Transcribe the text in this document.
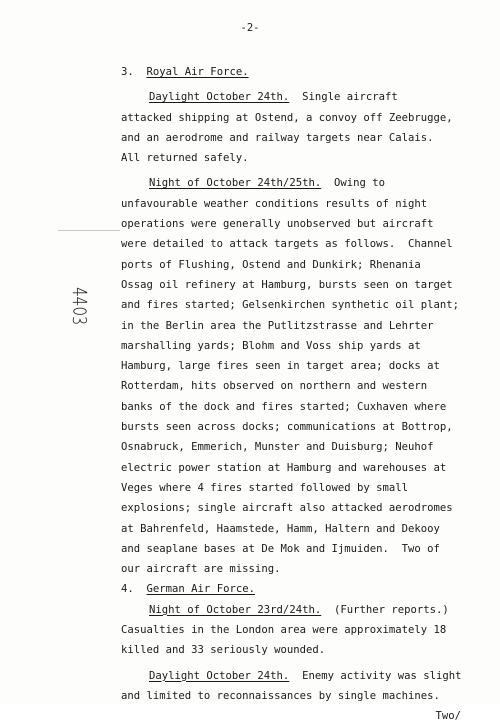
-2-
3. Royal Air Force.
Daylight October 24th.  Single aircraft
attacked shipping at Ostend, a convoy off Zeebrugge,
and an aerodrome and railway targets near Calais.
All returned safely.
Night of October 24th/25th.  Owing to
unfavourable weather conditions results of night
operations were generally unobserved but aircraft
were detailed to attack targets as follows.  Channel
ports of Flushing, Ostend and Dunkirk; Rhenania
Ossag oil refinery at Hamburg, bursts seen on target
and fires started; Gelsenkirchen synthetic oil plant;
in the Berlin area the Putlitzstrasse and Lehrter
marshalling yards; Blohm and Voss ship yards at
Hamburg, large fires seen in target area; docks at
Rotterdam, hits observed on northern and western
banks of the dock and fires started; Cuxhaven where
bursts seen across docks; communications at Bottrop,
Osnabruck, Emmerich, Munster and Duisburg; Neuhof
electric power station at Hamburg and warehouses at
Veges where 4 fires started followed by small
explosions; single aircraft also attacked aerodromes
at Bahrenfeld, Haamstede, Hamm, Haltern and Dekooy
and seaplane bases at De Mok and Ijmuiden.  Two of
our aircraft are missing.
4. German Air Force.
Night of October 23rd/24th.  (Further reports.)
Casualties in the London area were approximately 18
killed and 33 seriously wounded.
Daylight October 24th.  Enemy activity was slight
and limited to reconnaissances by single machines.
Two/
